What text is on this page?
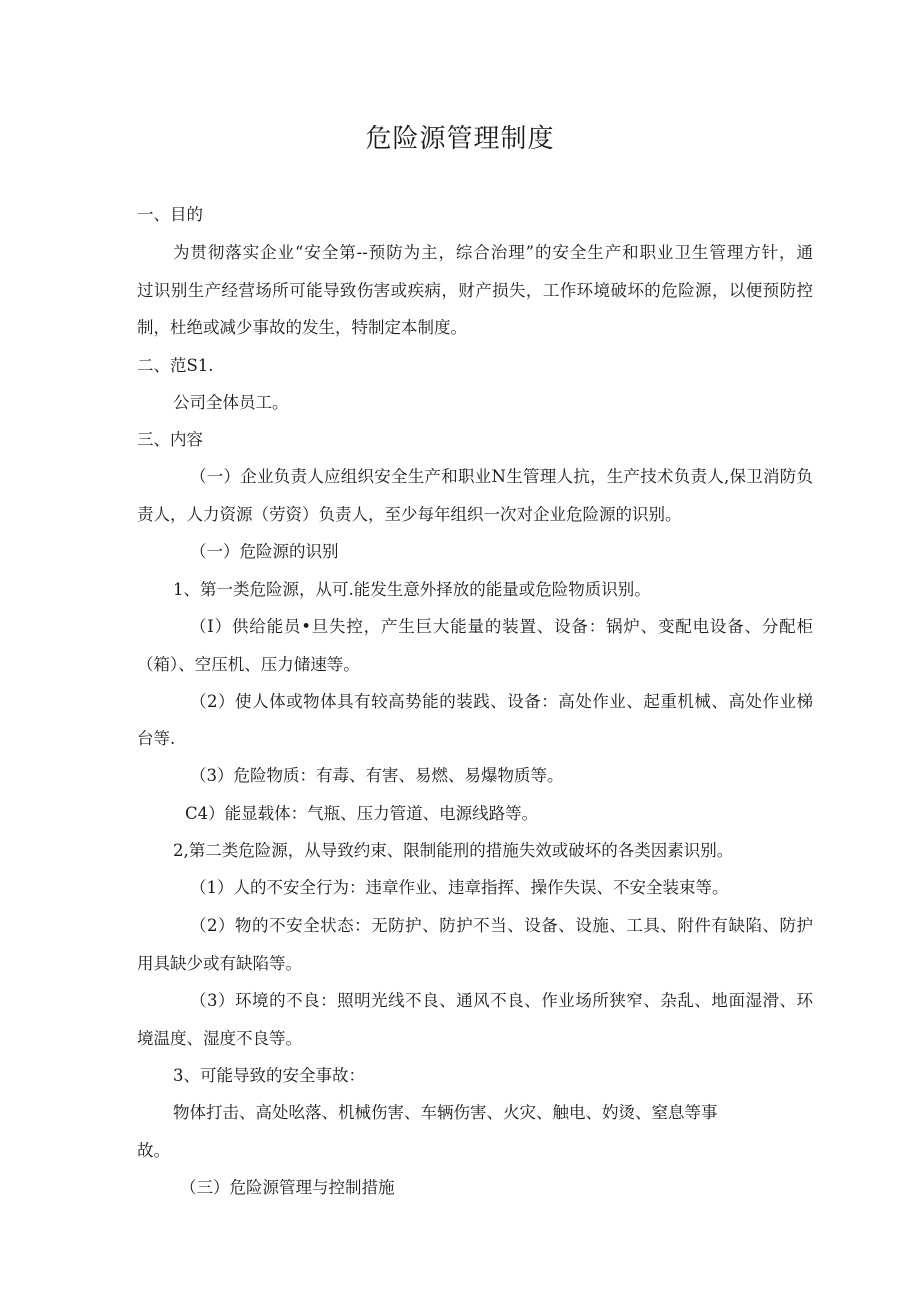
危险源管理制度
一、目的
为贯彻落实企业“安全第--预防为主，综合治理”的安全生产和职业卫生管理方针，通
过识别生产经营场所可能导致伤害或疾病，财产损失，工作环境破坏的危险源，以便预防控
制，杜绝或减少事故的发生，特制定本制度。
二、范S1.
公司全体员工。
三、内容
（一）企业负责人应组织安全生产和职业N生管理人抗，生产技术负责人,保卫消防负
责人，人力资源（劳资）负责人，至少每年组织一次对企业危险源的识别。
（一）危险源的识别
1、第一类危险源，从可.能发生意外择放的能量或危险物质识别。
（I）供给能员•旦失控，产生巨大能量的装置、设备：锅炉、变配电设备、分配柜
（箱）、空压机、压力储速等。
（2）使人体或物体具有较高势能的装践、设备：高处作业、起重机械、高处作业梯
台等.
（3）危险物质：有毒、有害、易燃、易爆物质等。
C4）能显载体：气瓶、压力管道、电源线路等。
2,第二类危险源，从导致约束、限制能刑的措施失效或破坏的各类因素识别。
（1）人的不安全行为：违章作业、违章指挥、操作失误、不安全装束等。
（2）物的不安全状态：无防护、防护不当、设备、设施、工具、附件有缺陷、防护
用具缺少或有缺陷等。
（3）环境的不良：照明光线不良、通风不良、作业场所狭窄、杂乱、地面湿滑、环
境温度、湿度不良等。
3、可能导致的安全事故：
物体打击、高处吆落、机械伤害、车辆伤害、火灾、触电、妁烫、窒息等事
故。
（三）危险源管理与控制措施
